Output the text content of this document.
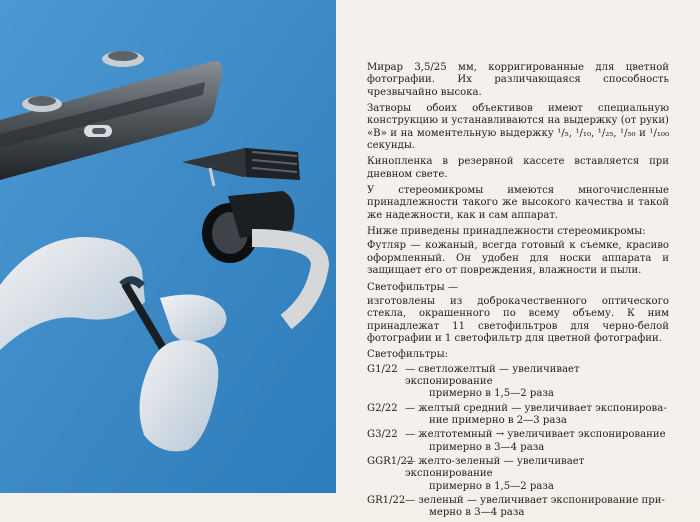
Мирар 3,5/25 мм, корригированные для цветной фотографии. Их различающаяся способность чрезвычайно высока.

Затворы обоих объективов имеют специальную конструкцию и устанавливаются на выдержку (от руки) «В» и на моментельную выдержку ¹/₅, ¹/₁₀, ¹/₂₅, ¹/₅₀ и ¹/₁₀₀ секунды.

Кинопленка в резервной кассете вставляется при дневном свете.

У стереомикромы имеются многочисленные принадлежности такого же высокого качества и такой же надежности, как и сам аппарат.

Ниже приведены принадлежности стереомикромы:

Футляр — кожаный, всегда готовый к съемке, красиво оформленный. Он удобен для носки аппарата и защищает его от повреждения, влажности и пыли.

Светофильтры —

изготовлены из доброкачественного оптического стекла, окрашенного по всему объему. К ним принадлежат 11 светофильтров для черно-белой фотографии и 1 светофильтр для цветной фотографии.

Светофильтры:

G1/22 — светложелтый — увеличивает экспонирование
примерно в 1,5—2 раза
G2/22 — желтый средний — увеличивает экспонирова-
ние примерно в 2—3 раза
G3/22 — желтотемный → увеличивает экспонирование
примерно в 3—4 раза
GGR1/22
— желто-зеленый — увеличивает экспонирование
примерно в 1,5—2 раза
GR1/22 — зеленый — увеличивает экспонирование при-
мерно в 3—4 раза
